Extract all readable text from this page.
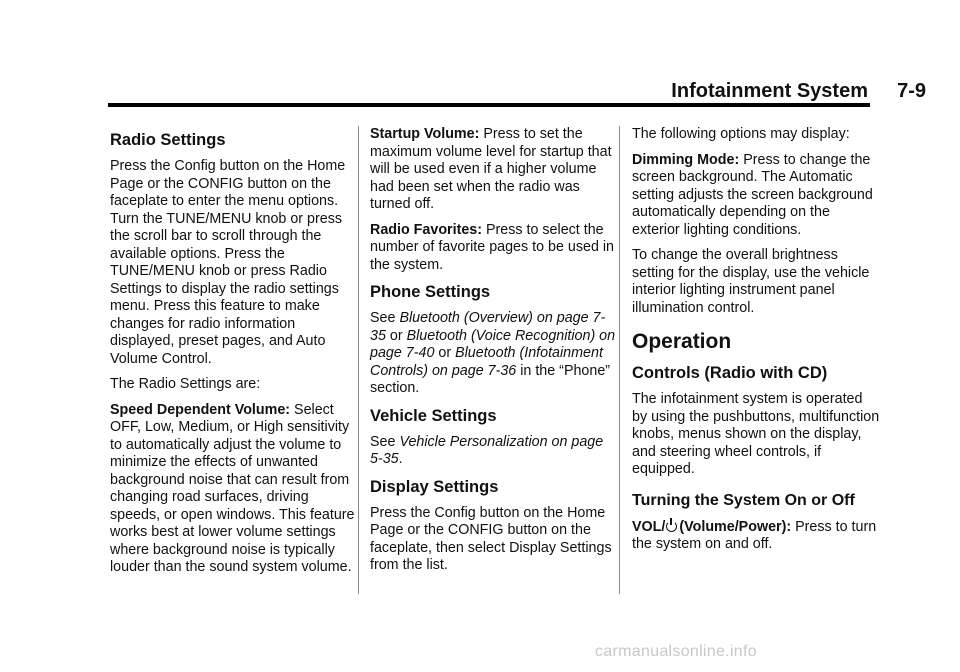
Infotainment System 7-9
Radio Settings

Press the Config button on the Home Page or the CONFIG button on the faceplate to enter the menu options. Turn the TUNE/MENU knob or press the scroll bar to scroll through the available options. Press the TUNE/MENU knob or press Radio Settings to display the radio settings menu. Press this feature to make changes for radio information displayed, preset pages, and Auto Volume Control.

The Radio Settings are:

Speed Dependent Volume: Select OFF, Low, Medium, or High sensitivity to automatically adjust the volume to minimize the effects of unwanted background noise that can result from changing road surfaces, driving speeds, or open windows. This feature works best at lower volume settings where background noise is typically louder than the sound system volume.

Startup Volume: Press to set the maximum volume level for startup that will be used even if a higher volume had been set when the radio was turned off.

Radio Favorites: Press to select the number of favorite pages to be used in the system.

Phone Settings

See Bluetooth (Overview) on page 7-35 or Bluetooth (Voice Recognition) on page 7-40 or Bluetooth (Infotainment Controls) on page 7-36 in the “Phone” section.

Vehicle Settings

See Vehicle Personalization on page 5-35.

Display Settings

Press the Config button on the Home Page or the CONFIG button on the faceplate, then select Display Settings from the list.

The following options may display:

Dimming Mode: Press to change the screen background. The Automatic setting adjusts the screen background automatically depending on the exterior lighting conditions.

To change the overall brightness setting for the display, use the vehicle interior lighting instrument panel illumination control.

Operation
Controls (Radio with CD)

The infotainment system is operated by using the pushbuttons, multifunction knobs, menus shown on the display, and steering wheel controls, if equipped.

Turning the System On or Off

VOL/ (Volume/Power): Press to turn the system on and off.

carmanualsonline.info
